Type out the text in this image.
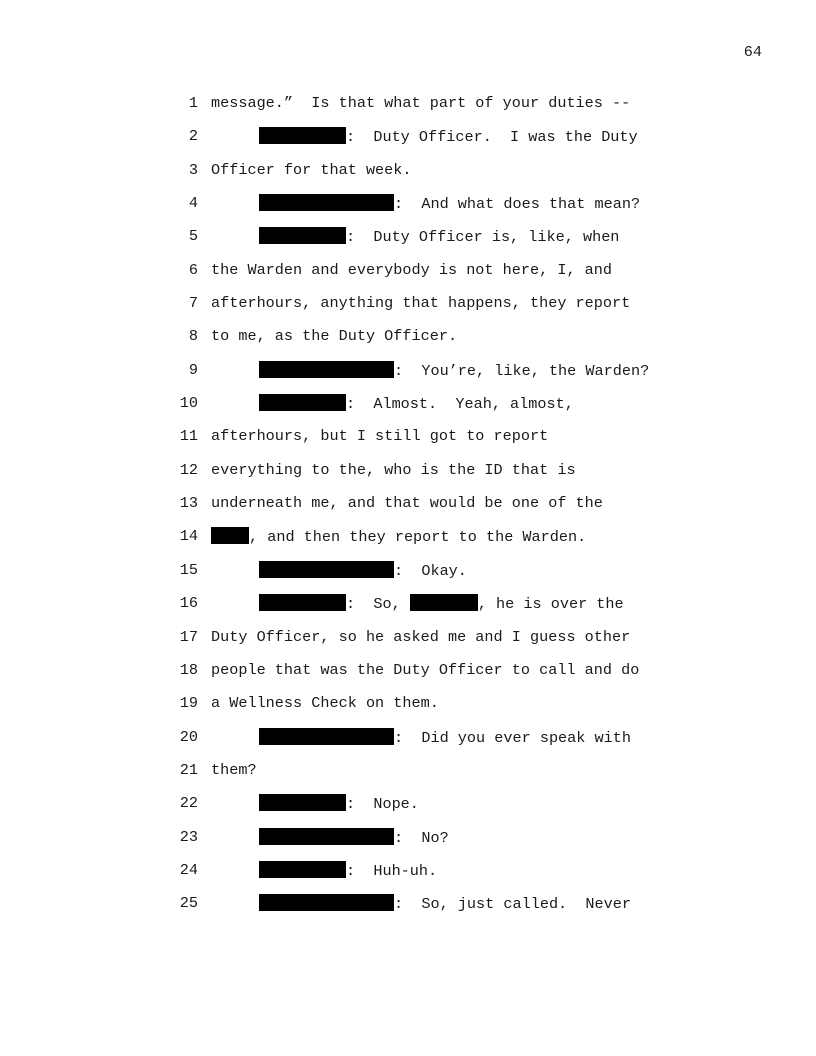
64
1 message.”  Is that what part of your duties --
2	:  Duty Officer.  I was the Duty
3 Officer for that week.
4	:  And what does that mean?
5	:  Duty Officer is, like, when
6 the Warden and everybody is not here, I, and
7 afterhours, anything that happens, they report
8 to me, as the Duty Officer.
9	:  You’re, like, the Warden?
10	:  Almost.  Yeah, almost,
11 afterhours, but I still got to report
12 everything to the, who is the ID that is
13 underneath me, and that would be one of the
14	, and then they report to the Warden.
15	:  Okay.
16	:  So,	, he is over the
17 Duty Officer, so he asked me and I guess other
18 people that was the Duty Officer to call and do
19 a Wellness Check on them.
20	:  Did you ever speak with
21 them?
22	:  Nope.
23	:  No?
24	:  Huh-uh.
25	:  So, just called.  Never
